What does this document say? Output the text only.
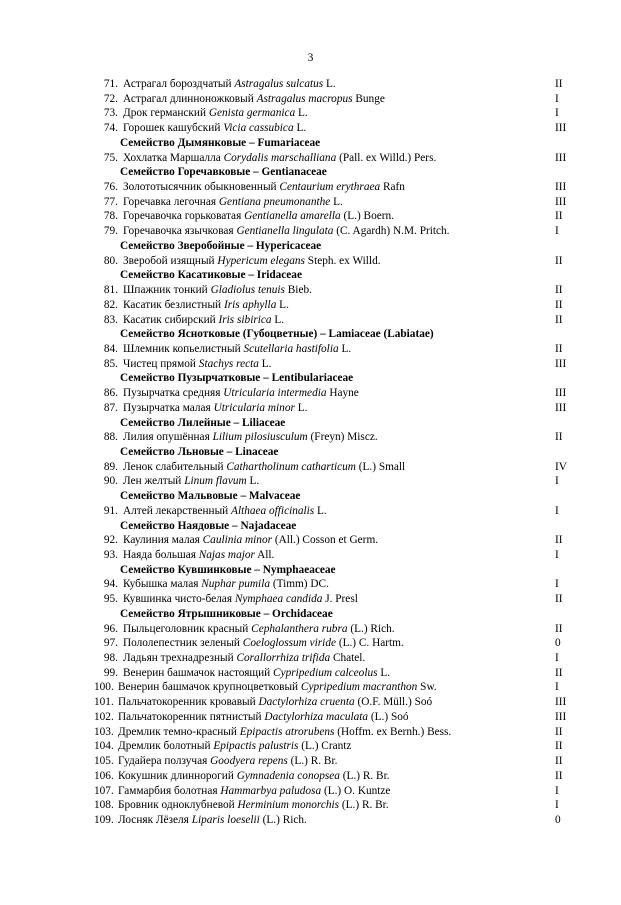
3
71. Астрагал бороздчатый Astragalus sulcatus L.	II
72. Астрагал длинноножковый Astragalus macropus Bunge	I
73. Дрок германский Genista germanica L.	I
74. Горошек кашубский Vicia cassubica L.	III
Семейство Дымянковые – Fumariaceae
75. Хохлатка Маршалла Corydalis marschalliana (Pall. ex Willd.) Pers.	III
Семейство Горечавковые – Gentianaceae
76. Золототысячник обыкновенный Centaurium erythraea Rafn	III
77. Горечавка легочная Gentiana pneumonanthe L.	III
78. Горечавочка горьковатая Gentianella amarella (L.) Boern.	II
79. Горечавочка язычковая Gentianella lingulata (C. Agardh) N.M. Pritch.	I
Семейство Зверобойные – Hypericaceae
80. Зверобой изящный Hypericum elegans Steph. ex Willd.	II
Семейство Касатиковые – Iridaceae
81. Шпажник тонкий Gladiolus tenuis Bieb.	II
82. Касатик безлистный Iris aphylla L.	II
83. Касатик сибирский Iris sibirica L.	II
Семейство Яснотковые (Губоцветные) – Lamiaceae (Labiatae)
84. Шлемник копьелистный Scutellaria hastifolia L.	II
85. Чистец прямой Stachys recta L.	III
Семейство Пузырчатковые – Lentibulariaceae
86. Пузырчатка средняя Utricularia intermedia Hayne	III
87. Пузырчатка малая Utricularia minor L.	III
Семейство Лилейные – Liliaceae
88. Лилия опушённая Lilium pilosiusculum (Freyn) Miscz.	II
Семейство Льновые – Linaceae
89. Ленок слабительный Cathartholinum catharticum (L.) Small	IV
90. Лен желтый Linum flavum L.	I
Семейство Мальвовые – Malvaceae
91. Алтей лекарственный Althaea officinalis L.	I
Семейство Наядовые – Najadaceae
92. Каулиния малая Caulinia minor (All.) Cosson et Germ.	II
93. Наяда большая Najas major All.	I
Семейство Кувшинковые – Nymphaeaceae
94. Кубышка малая Nuphar pumila (Timm) DC.	I
95. Кувшинка чисто-белая Nymphaea candida J. Presl	II
Семейство Ятрышниковые – Orchidaceae
96. Пыльцеголовник красный Cephalanthera rubra (L.) Rich.	II
97. Пололепестник зеленый Coeloglossum viride (L.) C. Hartm.	0
98. Ладьян трехнадрезный Corallorrhiza trifida Chatel.	I
99. Венерин башмачок настоящий Cypripedium calceolus L.	II
100. Венерин башмачок крупноцветковый Cypripedium macranthon Sw.	I
101. Пальчатокоренник кровавый Dactylorhiza cruenta (O.F. Müll.) Soó	III
102. Пальчатокоренник пятнистый Dactylorhiza maculata (L.) Soó	III
103. Дремлик темно-красный Epipactis atrorubens (Hoffm. ex Bernh.) Bess.	II
104. Дремлик болотный Epipactis palustris (L.) Crantz	II
105. Гудайера ползучая Goodyera repens (L.) R. Br.	II
106. Кокушник длиннорогий Gymnadenia conopsea (L.) R. Br.	II
107. Гаммарбия болотная Hammarbya paludosa (L.) O. Kuntze	I
108. Бровник одноклубневой Herminium monorchis (L.) R. Br.	I
109. Лосняк Лёзеля Liparis loeselii (L.) Rich.	0
